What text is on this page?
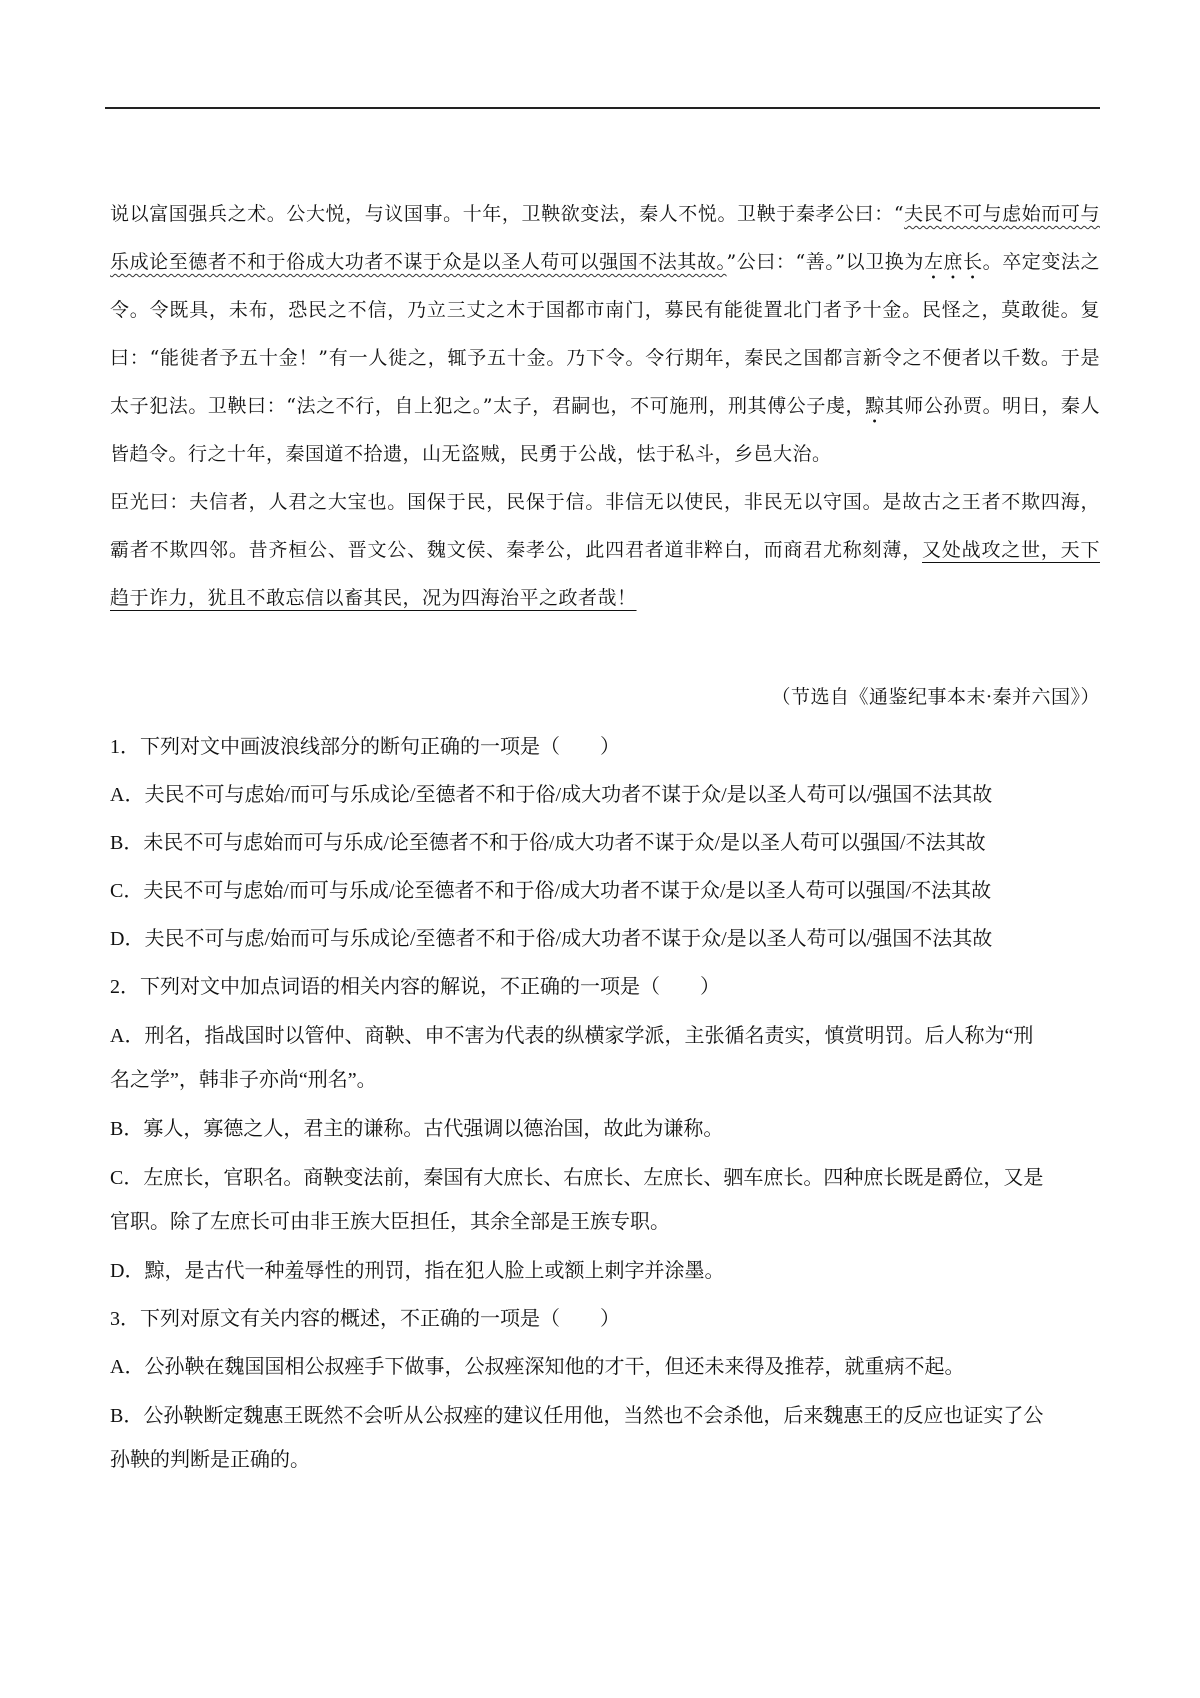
说以富国强兵之术。公大悦，与议国事。十年，卫鞅欲变法，秦人不悦。卫鞅于秦孝公曰：“夫民不可与虑始而可与乐成论至德者不和于俗成大功者不谋于众是以圣人苟可以强国不法其故。”公曰：“善。”以卫换为左庶长。卒定变法之令。令既具，未布，恐民之不信，乃立三丈之木于国都市南门，募民有能徙置北门者予十金。民怪之，莫敢徙。复曰：“能徙者予五十金！”有一人徙之，辄予五十金。乃下令。令行期年，秦民之国都言新令之不便者以千数。于是太子犯法。卫鞅曰：“法之不行，自上犯之。”太子，君嗣也，不可施刑，刑其傅公子虔，黥其师公孙贾。明日，秦人皆趋令。行之十年，秦国道不拾遗，山无盗贼，民勇于公战，怯于私斗，乡邑大治。

臣光曰：夫信者，人君之大宝也。国保于民，民保于信。非信无以使民，非民无以守国。是故古之王者不欺四海，霸者不欺四邻。昔齐桓公、晋文公、魏文侯、秦孝公，此四君者道非粹白，而商君尤称刻薄，又处战攻之世，天下趋于诈力，犹且不敢忘信以畜其民，况为四海治平之政者哉！

（节选自《通鉴纪事本末·秦并六国》）

1．下列对文中画波浪线部分的断句正确的一项是（　　）

A．夫民不可与虑始/而可与乐成论/至德者不和于俗/成大功者不谋于众/是以圣人苟可以/强国不法其故

B．未民不可与虑始而可与乐成/论至德者不和于俗/成大功者不谋于众/是以圣人苟可以强国/不法其故

C．夫民不可与虑始/而可与乐成/论至德者不和于俗/成大功者不谋于众/是以圣人苟可以强国/不法其故

D．夫民不可与虑/始而可与乐成论/至德者不和于俗/成大功者不谋于众/是以圣人苟可以/强国不法其故

2．下列对文中加点词语的相关内容的解说，不正确的一项是（　　）

A．刑名，指战国时以管仲、商鞅、申不害为代表的纵横家学派，主张循名责实，慎赏明罚。后人称为“刑
名之学”，韩非子亦尚“刑名”。

B．寡人，寡德之人，君主的谦称。古代强调以德治国，故此为谦称。

C．左庶长，官职名。商鞅变法前，秦国有大庶长、右庶长、左庶长、驷车庶长。四种庶长既是爵位，又是
官职。除了左庶长可由非王族大臣担任，其余全部是王族专职。

D．黥，是古代一种羞辱性的刑罚，指在犯人脸上或额上刺字并涂墨。

3．下列对原文有关内容的概述，不正确的一项是（　　）

A．公孙鞅在魏国国相公叔痤手下做事，公叔痤深知他的才干，但还未来得及推荐，就重病不起。

B．公孙鞅断定魏惠王既然不会听从公叔痤的建议任用他，当然也不会杀他，后来魏惠王的反应也证实了公
孙鞅的判断是正确的。
